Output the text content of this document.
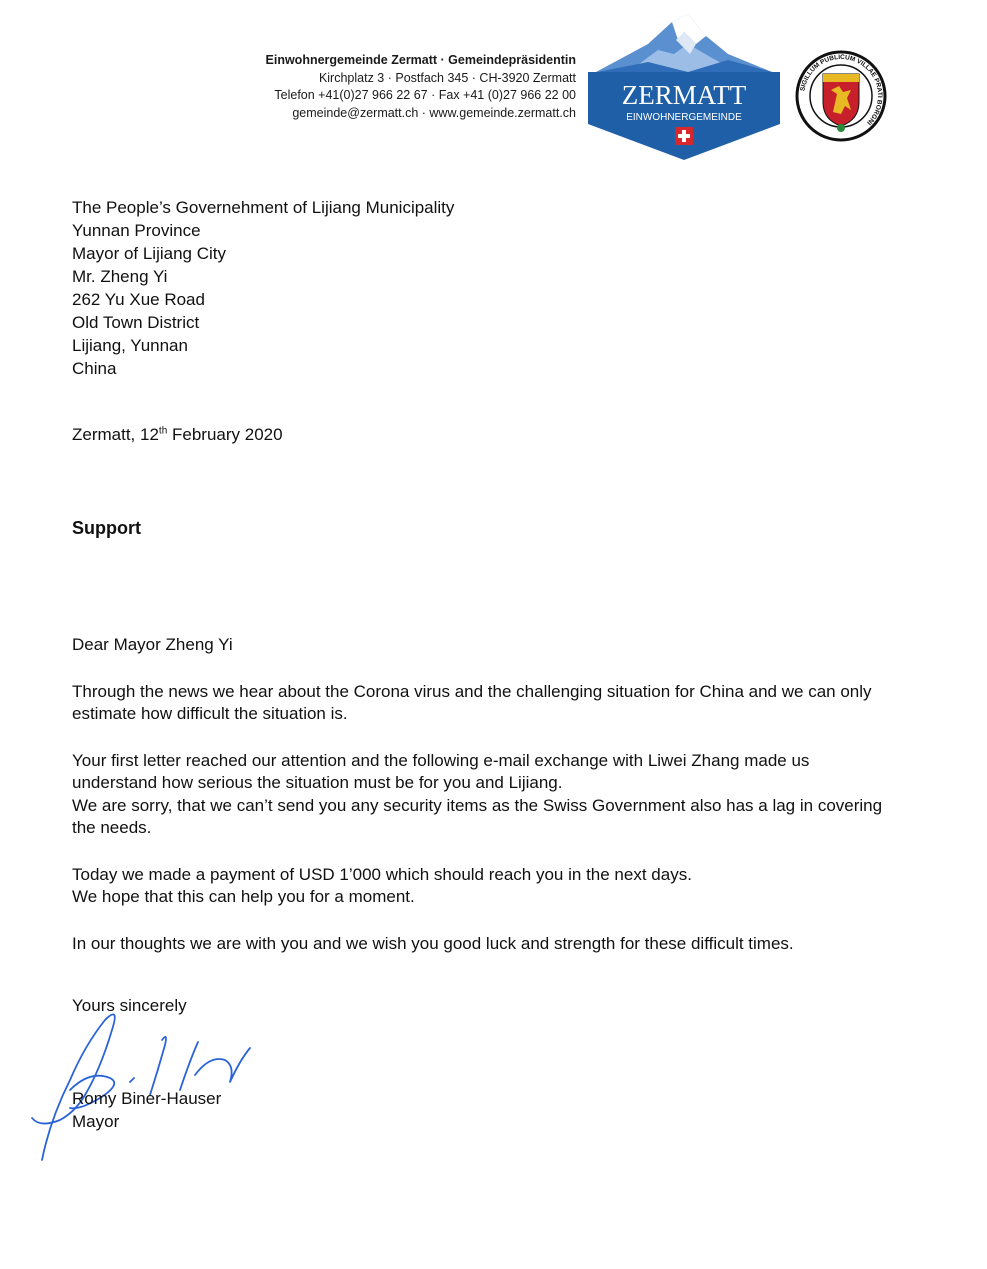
Einwohnergemeinde Zermatt · Gemeindepräsidentin
Kirchplatz 3 · Postfach 345 · CH-3920 Zermatt
Telefon +41(0)27 966 22 67 · Fax +41 (0)27 966 22 00
gemeinde@zermatt.ch · www.gemeinde.zermatt.ch
ZERMATT
EINWOHNERGEMEINDE
SIGILLUM PUBLICUM VILLAE PRATI BORGNI
The People’s Governehment of Lijiang Municipality
Yunnan Province
Mayor of Lijiang City
Mr. Zheng Yi
262 Yu Xue Road
Old Town District
Lijiang, Yunnan
China
Zermatt, 12th February 2020
Support

Dear Mayor Zheng Yi

Through the news we hear about the Corona virus and the challenging situation for China and we can only estimate how difficult the situation is.

Your first letter reached our attention and the following e-mail exchange with Liwei Zhang made us understand how serious the situation must be for you and Lijiang.
We are sorry, that we can’t send you any security items as the Swiss Government also has a lag in covering the needs.

Today we made a payment of USD 1’000 which should reach you in the next days.
We hope that this can help you for a moment.

In our thoughts we are with you and we wish you good luck and strength for these difficult times.

Yours sincerely
Romy Biner-Hauser
Mayor
